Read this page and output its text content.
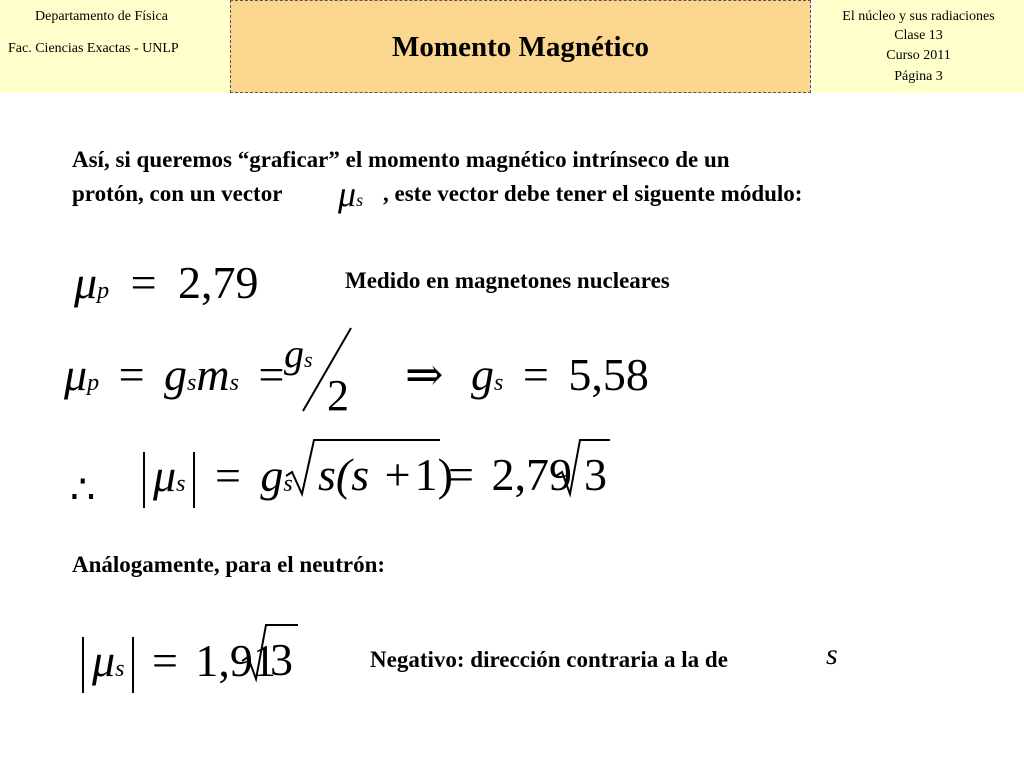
Departamento de Física
Fac. Ciencias Exactas - UNLP	Momento Magnético
El núcleo y sus radiaciones
Clase 13
Curso 2011
Página 3
Así, si queremos “graficar” el momento magnético intrínseco de un
protón, con un vector μs , este vector debe tener el siguente módulo:
μp = 2,79	Medido en magnetones nucleares
μp = gsms = gs
2 ⇒ gs = 5,58
∴ μs = gs s(s +1)
= 2,79 3
Análogamente, para el neutrón:
μs = 1,91
3	Negativo: dirección contraria a la de	s
